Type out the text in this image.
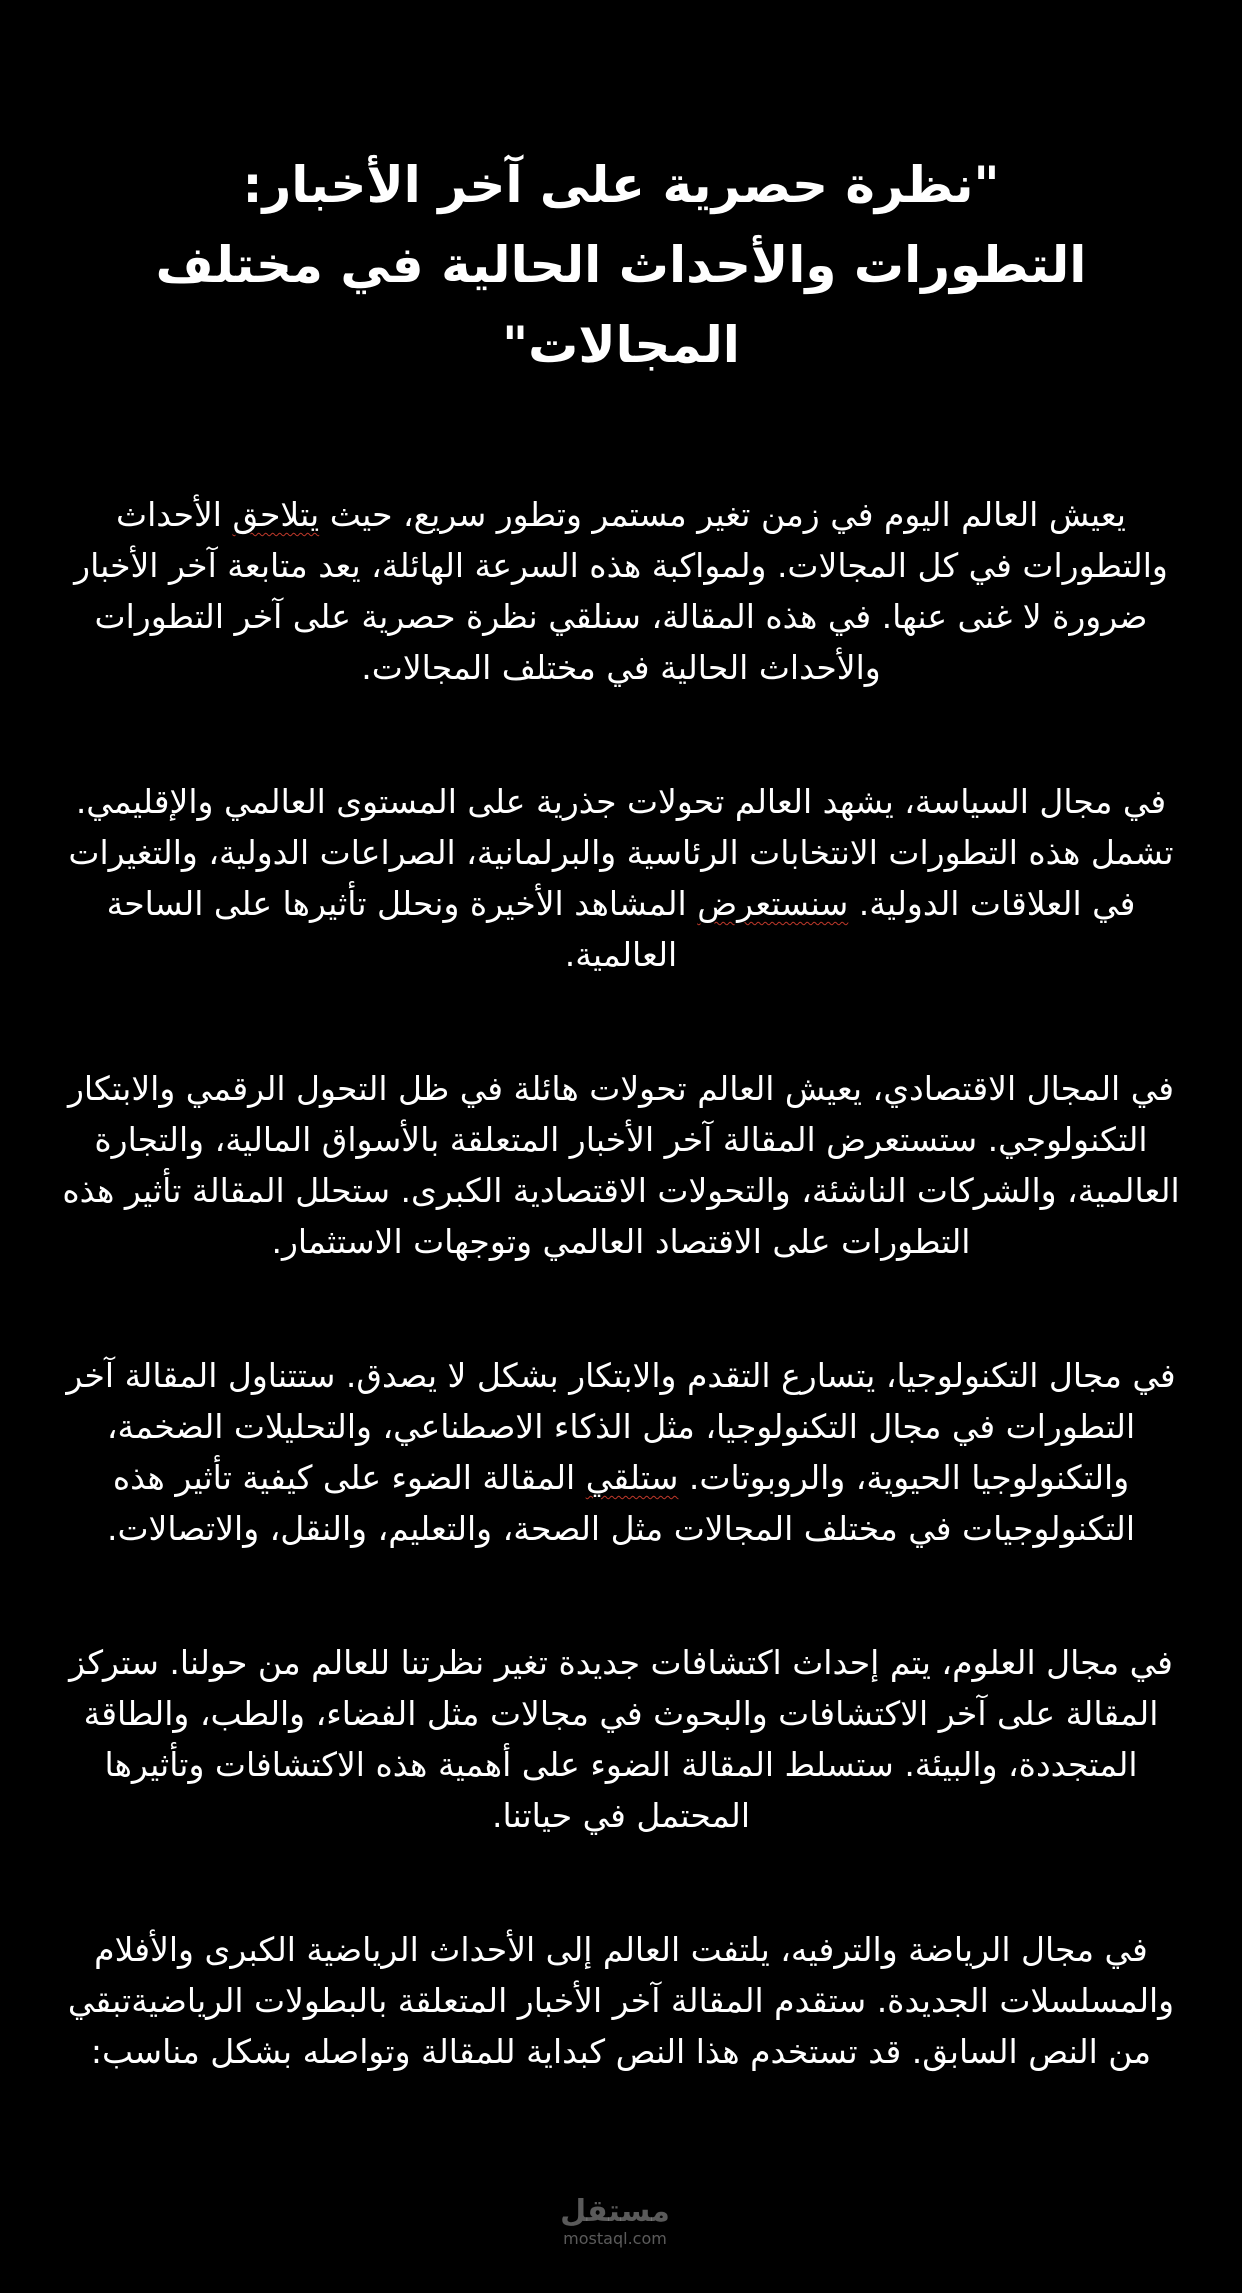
"نظرة حصرية على آخر الأخبار: التطورات والأحداث الحالية في مختلف المجالات"

يعيش العالم اليوم في زمن تغير مستمر وتطور سريع، حيث يتلاحق الأحداث والتطورات في كل المجالات. ولمواكبة هذه السرعة الهائلة، يعد متابعة آخر الأخبار ضرورة لا غنى عنها. في هذه المقالة، سنلقي نظرة حصرية على آخر التطورات والأحداث الحالية في مختلف المجالات.

في مجال السياسة، يشهد العالم تحولات جذرية على المستوى العالمي والإقليمي. تشمل هذه التطورات الانتخابات الرئاسية والبرلمانية، الصراعات الدولية، والتغيرات في العلاقات الدولية. سنستعرض المشاهد الأخيرة ونحلل تأثيرها على الساحة العالمية.

في المجال الاقتصادي، يعيش العالم تحولات هائلة في ظل التحول الرقمي والابتكار التكنولوجي. ستستعرض المقالة آخر الأخبار المتعلقة بالأسواق المالية، والتجارة العالمية، والشركات الناشئة، والتحولات الاقتصادية الكبرى. ستحلل المقالة تأثير هذه التطورات على الاقتصاد العالمي وتوجهات الاستثمار.

في مجال التكنولوجيا، يتسارع التقدم والابتكار بشكل لا يصدق. ستتناول المقالة آخر التطورات في مجال التكنولوجيا، مثل الذكاء الاصطناعي، والتحليلات الضخمة، والتكنولوجيا الحيوية، والروبوتات. ستلقي المقالة الضوء على كيفية تأثير هذه التكنولوجيات في مختلف المجالات مثل الصحة، والتعليم، والنقل، والاتصالات.

في مجال العلوم، يتم إحداث اكتشافات جديدة تغير نظرتنا للعالم من حولنا. ستركز المقالة على آخر الاكتشافات والبحوث في مجالات مثل الفضاء، والطب، والطاقة المتجددة، والبيئة. ستسلط المقالة الضوء على أهمية هذه الاكتشافات وتأثيرها المحتمل في حياتنا.

في مجال الرياضة والترفيه، يلتفت العالم إلى الأحداث الرياضية الكبرى والأفلام والمسلسلات الجديدة. ستقدم المقالة آخر الأخبار المتعلقة بالبطولات الرياضيةتبقي من النص السابق. قد تستخدم هذا النص كبداية للمقالة وتواصله بشكل مناسب:

مستقل
mostaql.com
